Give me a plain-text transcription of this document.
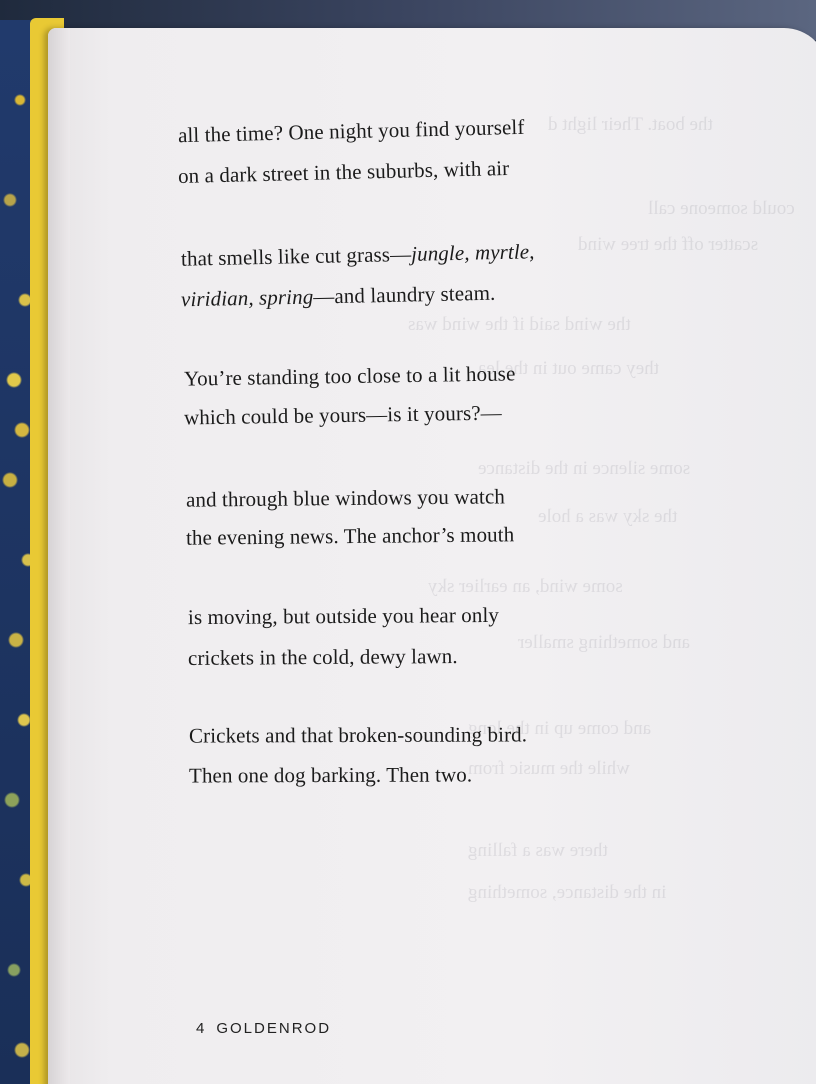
the boat. Their light d
could someone call
scatter off the tree wind
the wind said if the wind was
they came out in the lea
some silence in the distance
the sky was a hole
some wind, an earlier sky
and something smaller
and come up in the long
while the music from
there was a falling
in the distance, something
all the time? One night you find yourself
on a dark street in the suburbs, with air
that smells like cut grass—jungle, myrtle,
viridian, spring—and laundry steam.
You’re standing too close to a lit house
which could be yours—is it yours?—
and through blue windows you watch
the evening news. The anchor’s mouth
is moving, but outside you hear only
crickets in the cold, dewy lawn.
Crickets and that broken-sounding bird.
Then one dog barking. Then two.
4 GOLDENROD
